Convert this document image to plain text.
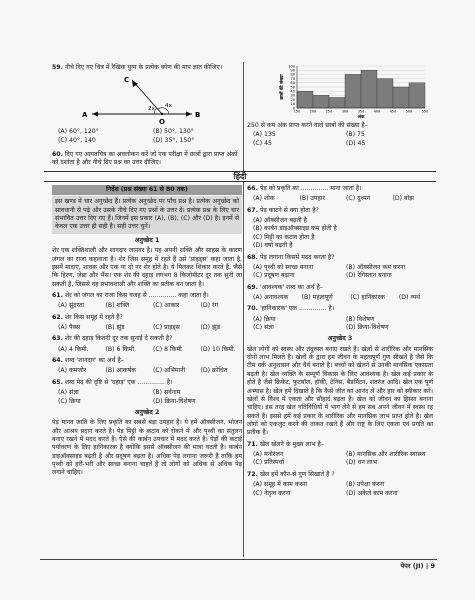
59. नीचे दिए गए चित्र में रैखिक युग्म के प्रत्येक कोण की माप ज्ञात कीजिए।
C
A	B
O
2x 4x
(A) 60°, 120°	(B) 50°, 130°
(C) 40°, 140	(D) 35°, 150°
60. दिए गए आयतचित्र का अवलोकन करें जो एक परीक्षा में छात्रों द्वारा प्राप्त अंकों को दर्शाता है और नीचे दिए प्रश्न का उत्तर दीजिए।
0
10
20
30
40
50
60
70
80
90
100
150	200	250	300	350	400	450	500	550
अंक
छात्रों की संख्या
250 से कम अंक प्राप्त करने वाले छात्रों की संख्या है–
(A) 135	(B) 75
(C) 45	(D) 45
हिंदी
निर्देश (प्रश्न संख्या 61 से 80 तक)
इस खण्ड में चार अनुच्छेद हैं। प्रत्येक अनुच्छेद पर पाँच प्रश्न है। प्रत्येक अनुच्छेद को सावधानी से पढ़े और उसके नीचे दिए गए प्रश्नों के उत्तर दें। प्रत्येक प्रश्न के लिए चार संभावित उत्तर दिए गए हैं। जिनमें इस प्रकार (A), (B), (C) और (D) है। इनमें से केवल एक उत्तर ही सही है। सही उत्तर चुनें।
अनुच्छेद 1
शेर एक शक्तिशाली और शानदार जानवर है। यह अपनी शक्ति और साहस के कारण जंगल का राजा कहलाता है। शेर जिस समूह में रहते हैं उसे 'प्राइड्स' कहा जाता है, इसमें मादाएं, शावक और एक या दो नर शेर होते है। ये मिलकर शिकार करते हैं, जैसे कि हिरण, जेब्रा और भैंस। एक शेर की दहाड़ लगभग 8 किलोमीटर दूर तक सुनी जा सकती है, जिससे वह प्रभावशाली और शक्ति का प्रतीक बन जाता है।
61. शेर को जंगल का राजा किस वजह से .............. कहा जाता है।
(A) सुंदरता	(B) शक्ति	(C) आकार	(D) रंग
62. शेर किस समूह में रहते हैं?
(A) पैक्स	(B) झुंड	(C) प्राइड्स	(D) झुंड
63. शेर की दहाड़ कितनी दूर तक सुनाई दे सकती है?
(A) 4 किमी.	(B) 6 किमी.	(C) 8 किमी	(D) 10 किमी.
64. शब्द 'शानदार' का अर्थ है–
(A) कमजोर	(B) आकर्षक	(C) अभिमानी	(D) क्रोधित
65. शब्द मेद की दृष्टि से 'दहाड़' एक .............. है।
(A) संज्ञा	(B) सर्वनाम
(C) क्रिया	(D) क्रिया-विशेषण
अनुच्छेद 2
पेड़ मानव जाति के लिए प्रकृति का सबसे बड़ा उपहार है। ये हमें ऑक्सीजन, भोजन और आश्रय प्रदान करते है। पेड़ मिट्टी के कटाव को रोकने में और पृथ्वी का संतुलन बनाए रखने में मदद करते हैं। ऐसे की कार्बन उपचार में मदद करते है। पेड़ों की कटाई पर्यावरण के लिए हानिकारक है क्योंकि इससे ऑक्सीजन की मात्रा घटती है। कार्बन डाइऑक्साइड बढ़ती है और प्रदूषण बढ़ता है। अधिक पेड़ लगाना जरूरी है ताकि हम पृथ्वी को हरी-भरी और स्वच्छ बनाना चाहते है तो लोगों को अधिक से अधिक पेड़ लगाने चाहिए।
66. पेड़ को प्रकृति का .............. माना जाता है।
(A) शोक	(B) उपहार	(C) दुश्मन	(D) बोझ
67. पेड़ काटने से क्या होता है?
(A) ऑक्सीजन बढ़ती है
(B) कार्बन डाइऑक्साइड कम होती है
(C) मिट्टी का कटाव होता है
(D) वर्षा बढ़ती है
68. पेड़ लगाना किसमें मदद करता है?
(A) पृथ्वी को स्वच्छ बनाना	(B) ऑक्सीजन कम करना
(C) प्रदूषण बढ़ाना	(D) रेगिस्तान बनाना
69. 'आवश्यक' शब्द का अर्थ है–
(A) अनावश्यक	(B) महत्वपूर्ण	(C) हानिकारक	(D) व्यर्थ
70. 'हानिकारक' एक .............. है।
(A) क्रिया	(B) विशेषण
(C) संज्ञा	(D) क्रिया-विशेषण
अनुच्छेद 3
खेल लोगों को स्वस्थ और तंदुरुस्त बनाए रखते है। खेलों से शारीरिक और मानसिक दोनों लाभ मिलते है। खेलों के द्वारा हम जीवन के महत्वपूर्ण गुण सीखते है जैसे कि टीम वर्क अनुशासन और धैर्य बनाते है। बच्चों को खेलने से उनकी मानसिक एकाग्रता बढ़ती है। खेल व्यक्ति के सम्पूर्ण विकास के लिए आवश्यक है। खेल कई प्रकार के होते है जैसे क्रिकेट, फुटबॉल, हॉकी, टेनिस, बैडमिंटन, शतरंज आदि। खेल एक पूर्ण अभ्यास है। खेल हमें दिखाते है कि कैसे जीत का आनंद लें और हार को स्वीकार करें। खेलों से विश्व में एकता और सौहार्द बढ़ता है। खेल को जीवन का हिस्सा बनाना चाहिए। इस तरह खेल गतिविधियों में भाग लेने से हम सब अपने जीवन में स्वस्थ रह सकते है। इससे हमें कई प्रकार के शारीरिक और मानसिक लाभ प्राप्त होते है। खेल लोगों को एकजुट करने की ताकत रखते हैं और राष्ट्र के लिए एकता एवं प्रगति का प्रतीक है।
71. खेल खेलने के मुख्य लाभ है–
(A) मनोरंजन	(B) मानसिक और शारीरिक स्वास्थ्य
(C) प्रतिस्पर्धा	(D) धन लाभ
72. खेल हमें कौन-से गुण सिखाते है ?
(A) समूह में काम करना	(B) उपेक्षा करना
(C) नेतृत्व करना	(D) अकेले काम करना
पेपर (JI) | 9
